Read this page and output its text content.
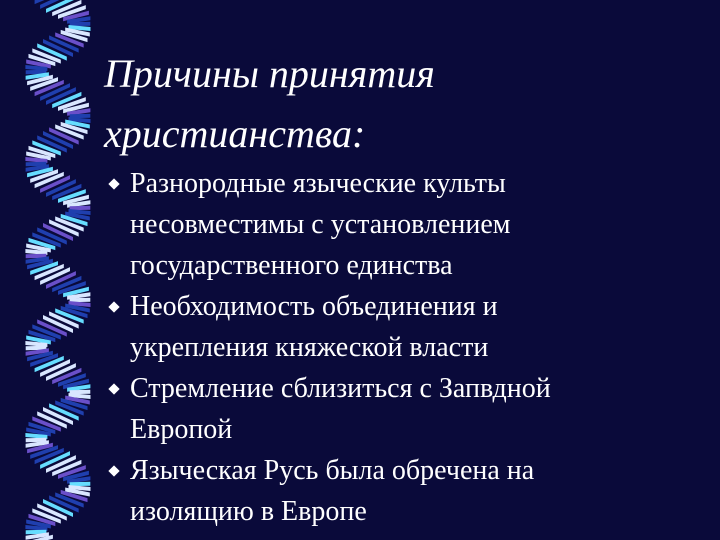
Причины принятия
христианства:
Разнородные языческие культы
несовместимы с установлением
государственного единства
Необходимость объединения и
укрепления княжеской власти
Стремление сблизиться с Запвдной
Европой
Языческая Русь была обречена на
изолящию в Европе
